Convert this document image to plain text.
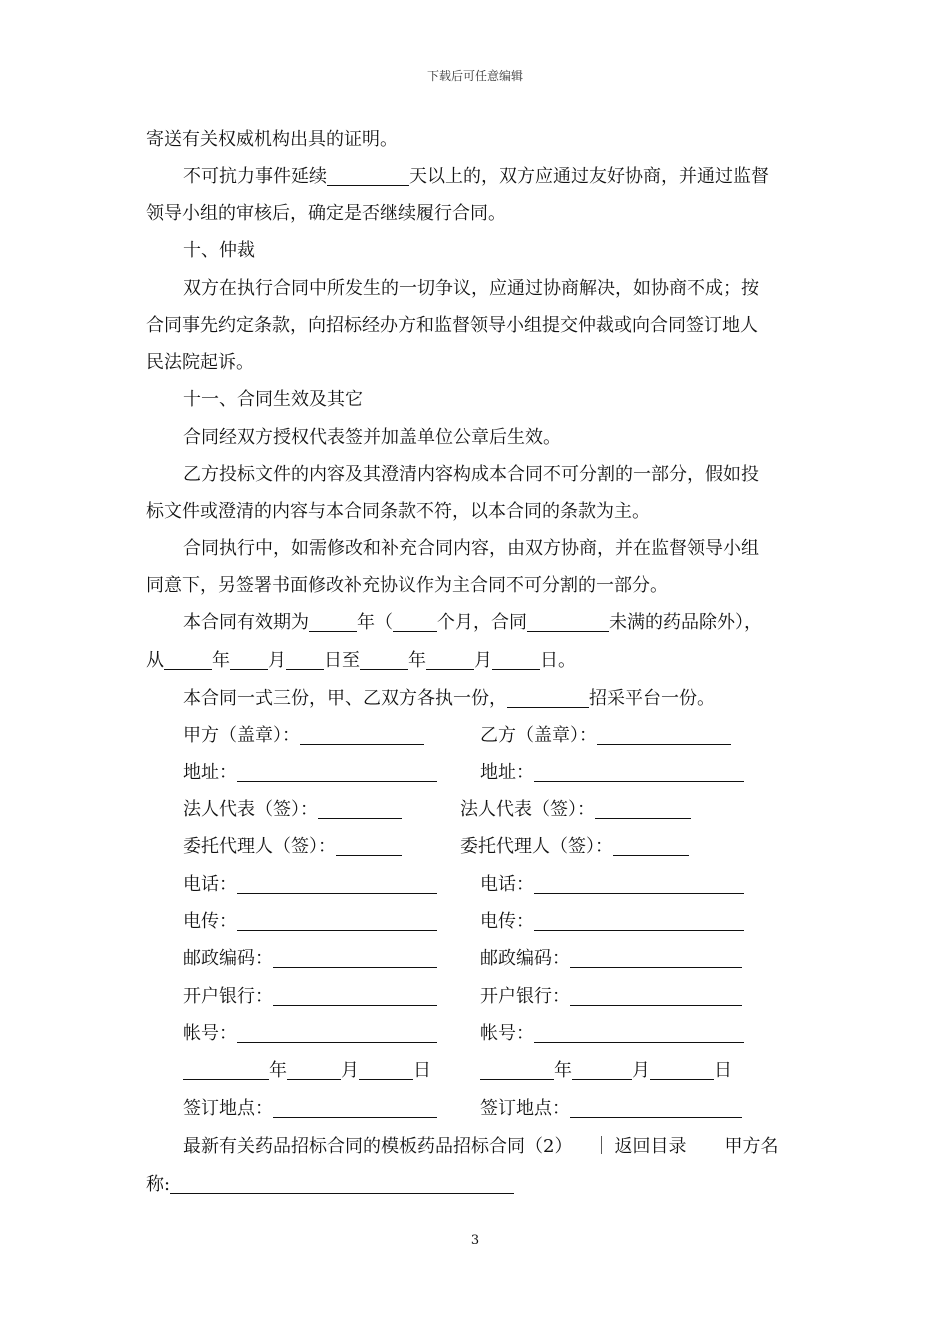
下载后可任意编辑
寄送有关权威机构出具的证明。
不可抗力事件延续	天以上的，双方应通过友好协商，并通过监督
领导小组的审核后，确定是否继续履行合同。
十、仲裁
双方在执行合同中所发生的一切争议，应通过协商解决，如协商不成；按
合同事先约定条款，向招标经办方和监督领导小组提交仲裁或向合同签订地人
民法院起诉。
十一、合同生效及其它
合同经双方授权代表签并加盖单位公章后生效。
乙方投标文件的内容及其澄清内容构成本合同不可分割的一部分，假如投
标文件或澄清的内容与本合同条款不符，以本合同的条款为主。
合同执行中，如需修改和补充合同内容，由双方协商，并在监督领导小组
同意下，另签署书面修改补充协议作为主合同不可分割的一部分。
本合同有效期为	年（ 个月，合同	未满的药品除外），
从	年 月 日至	年	月	日。
本合同一式三份，甲、乙双方各执一份，	招采平台一份。
甲方（盖章）：	乙方（盖章）：
地址：	地址：
法人代表（签）：	法人代表（签）：
委托代理人（签）：	委托代理人（签）：
电话：	电话：
电传：	电传：
邮政编码：	邮政编码：
开户银行：	开户银行：
帐号：	帐号：
年	月	日	年	月	日
签订地点：	签订地点：
最新有关药品招标合同的模板药品招标合同（2） ｜ 返回目录 甲方名
称:
3
